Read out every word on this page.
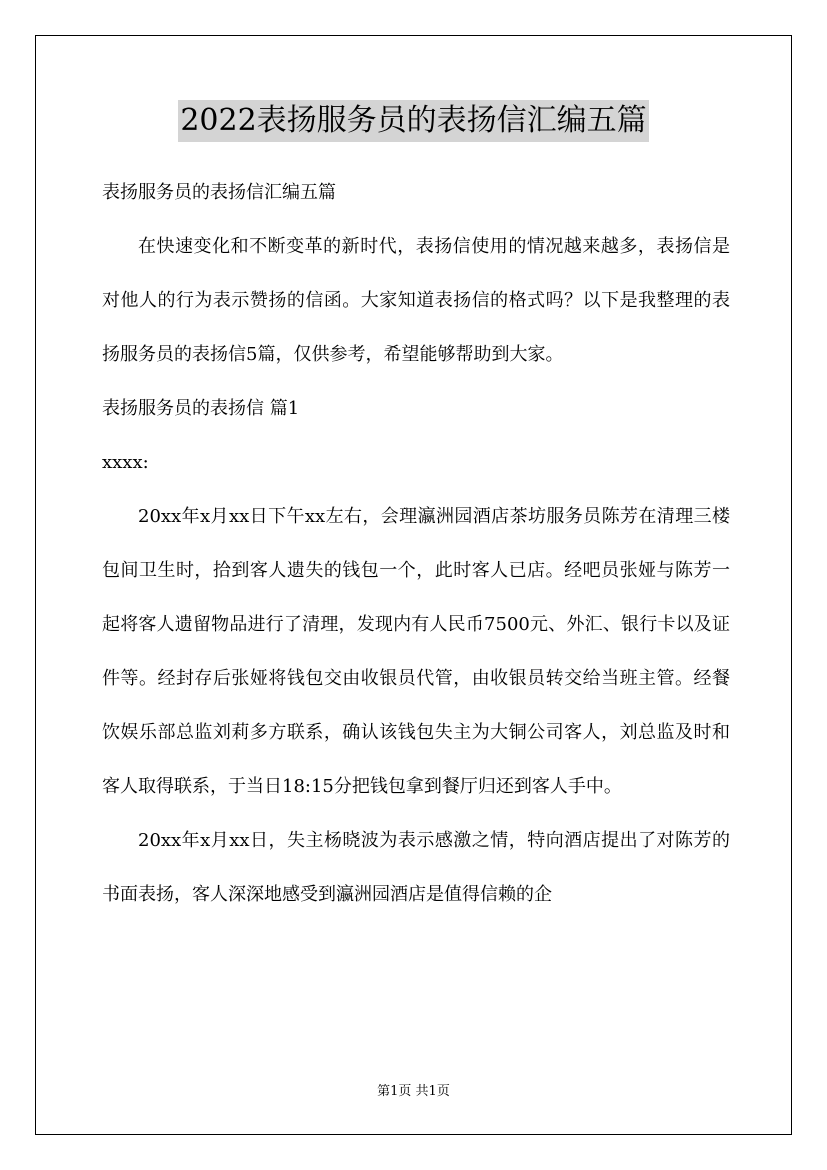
2022表扬服务员的表扬信汇编五篇

表扬服务员的表扬信汇编五篇

在快速变化和不断变革的新时代，表扬信使用的情况越来越多，表扬信是对他人的行为表示赞扬的信函。大家知道表扬信的格式吗？以下是我整理的表扬服务员的表扬信5篇，仅供参考，希望能够帮助到大家。

表扬服务员的表扬信 篇1

xxxx:

20xx年x月xx日下午xx左右，会理瀛洲园酒店茶坊服务员陈芳在清理三楼包间卫生时，拾到客人遗失的钱包一个，此时客人已店。经吧员张娅与陈芳一起将客人遗留物品进行了清理，发现内有人民币7500元、外汇、银行卡以及证件等。经封存后张娅将钱包交由收银员代管，由收银员转交给当班主管。经餐饮娱乐部总监刘莉多方联系，确认该钱包失主为大铜公司客人，刘总监及时和客人取得联系，于当日18:15分把钱包拿到餐厅归还到客人手中。

20xx年x月xx日，失主杨晓波为表示感激之情，特向酒店提出了对陈芳的书面表扬，客人深深地感受到瀛洲园酒店是值得信赖的企

第1页 共1页
